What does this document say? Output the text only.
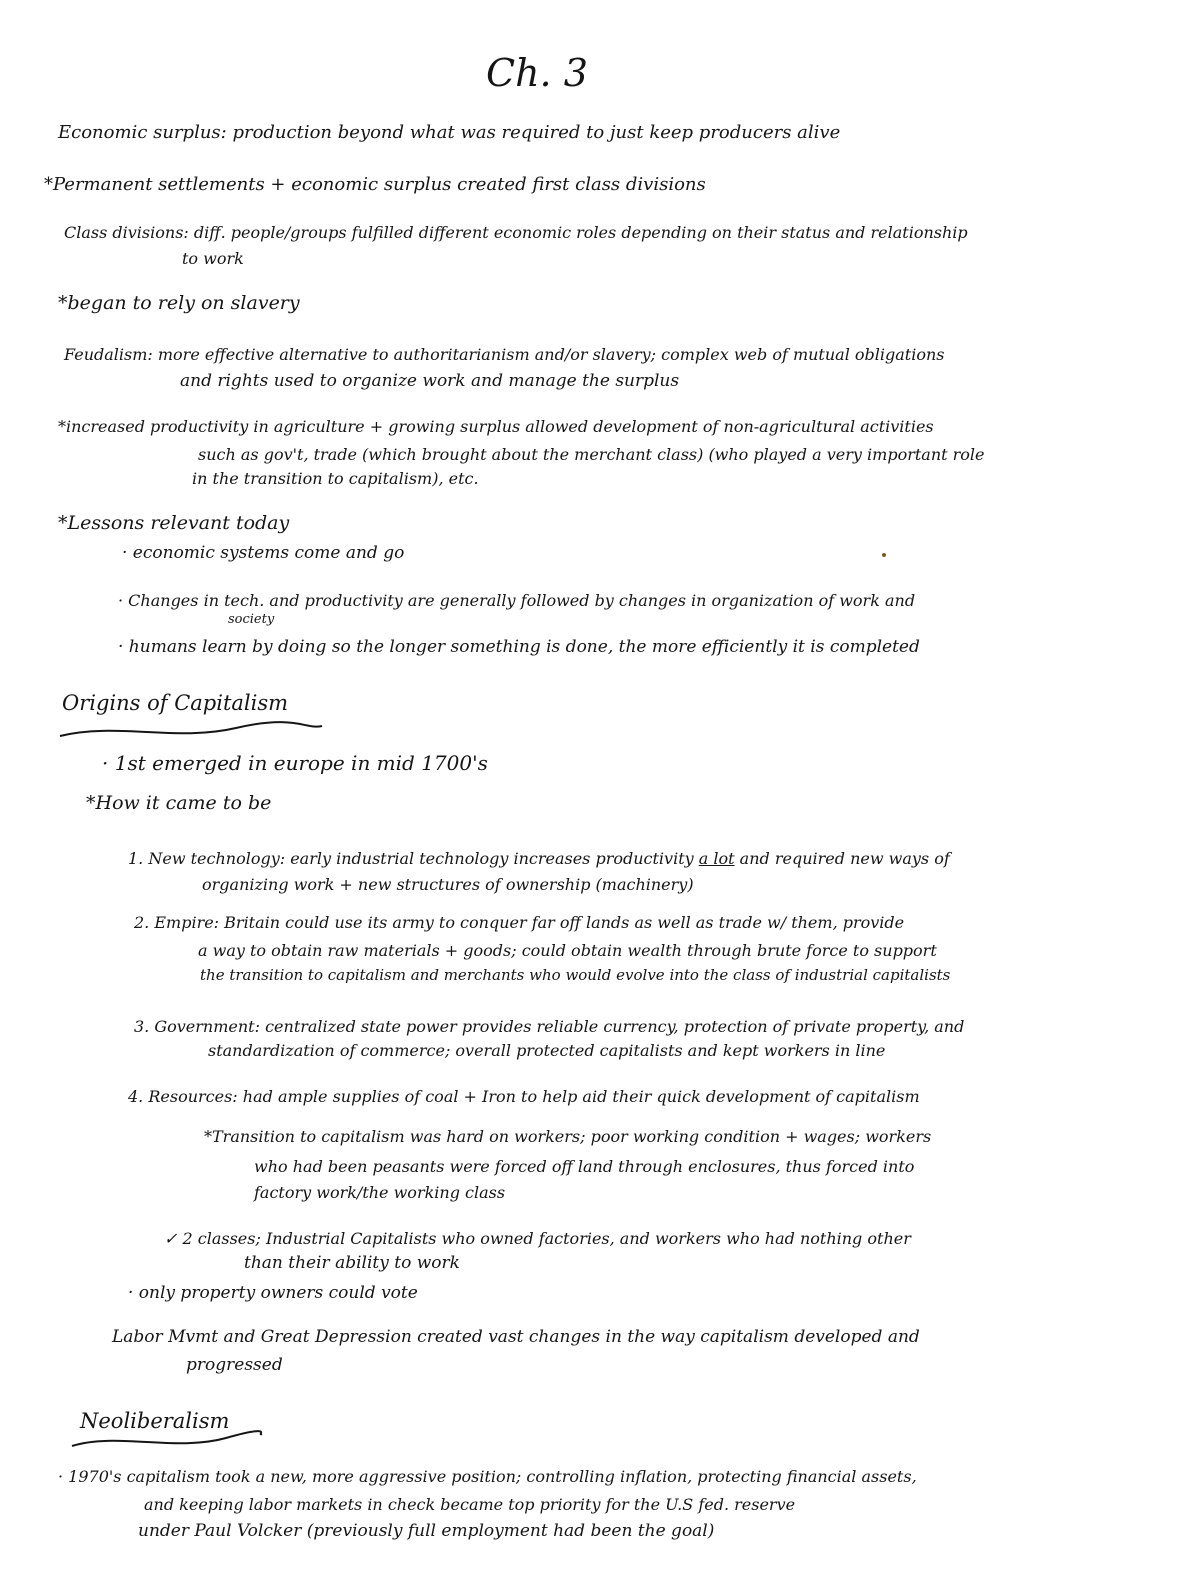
Ch. 3

Economic surplus: production beyond what was required to just keep producers alive

*Permanent settlements + economic surplus created first class divisions

Class divisions: diff. people/groups fulfilled different economic roles depending on their status and relationship

to work

*began to rely on slavery

Feudalism: more effective alternative to authoritarianism and/or slavery; complex web of mutual obligations

and rights used to organize work and manage the surplus

*increased productivity in agriculture + growing surplus allowed development of non-agricultural activities

such as gov't, trade (which brought about the merchant class) (who played a very important role

in the transition to capitalism), etc.

*Lessons relevant today

· economic systems come and go

· Changes in tech. and productivity are generally followed by changes in organization of work and

society

· humans learn by doing so the longer something is done, the more efficiently it is completed

Origins of Capitalism

· 1st emerged in europe in mid 1700's

*How it came to be

1. New technology: early industrial technology increases productivity a lot and required new ways of

organizing work + new structures of ownership (machinery)

2. Empire: Britain could use its army to conquer far off lands as well as trade w/ them, provide

a way to obtain raw materials + goods; could obtain wealth through brute force to support

the transition to capitalism and merchants who would evolve into the class of industrial capitalists

3. Government: centralized state power provides reliable currency, protection of private property, and

standardization of commerce; overall protected capitalists and kept workers in line

4. Resources: had ample supplies of coal + Iron to help aid their quick development of capitalism

*Transition to capitalism was hard on workers; poor working condition + wages; workers

who had been peasants were forced off land through enclosures, thus forced into

factory work/the working class

✓ 2 classes; Industrial Capitalists who owned factories, and workers who had nothing other

than their ability to work

· only property owners could vote

Labor Mvmt and Great Depression created vast changes in the way capitalism developed and

progressed

Neoliberalism

· 1970's capitalism took a new, more aggressive position; controlling inflation, protecting financial assets,

and keeping labor markets in check became top priority for the U.S fed. reserve

under Paul Volcker (previously full employment had been the goal)
